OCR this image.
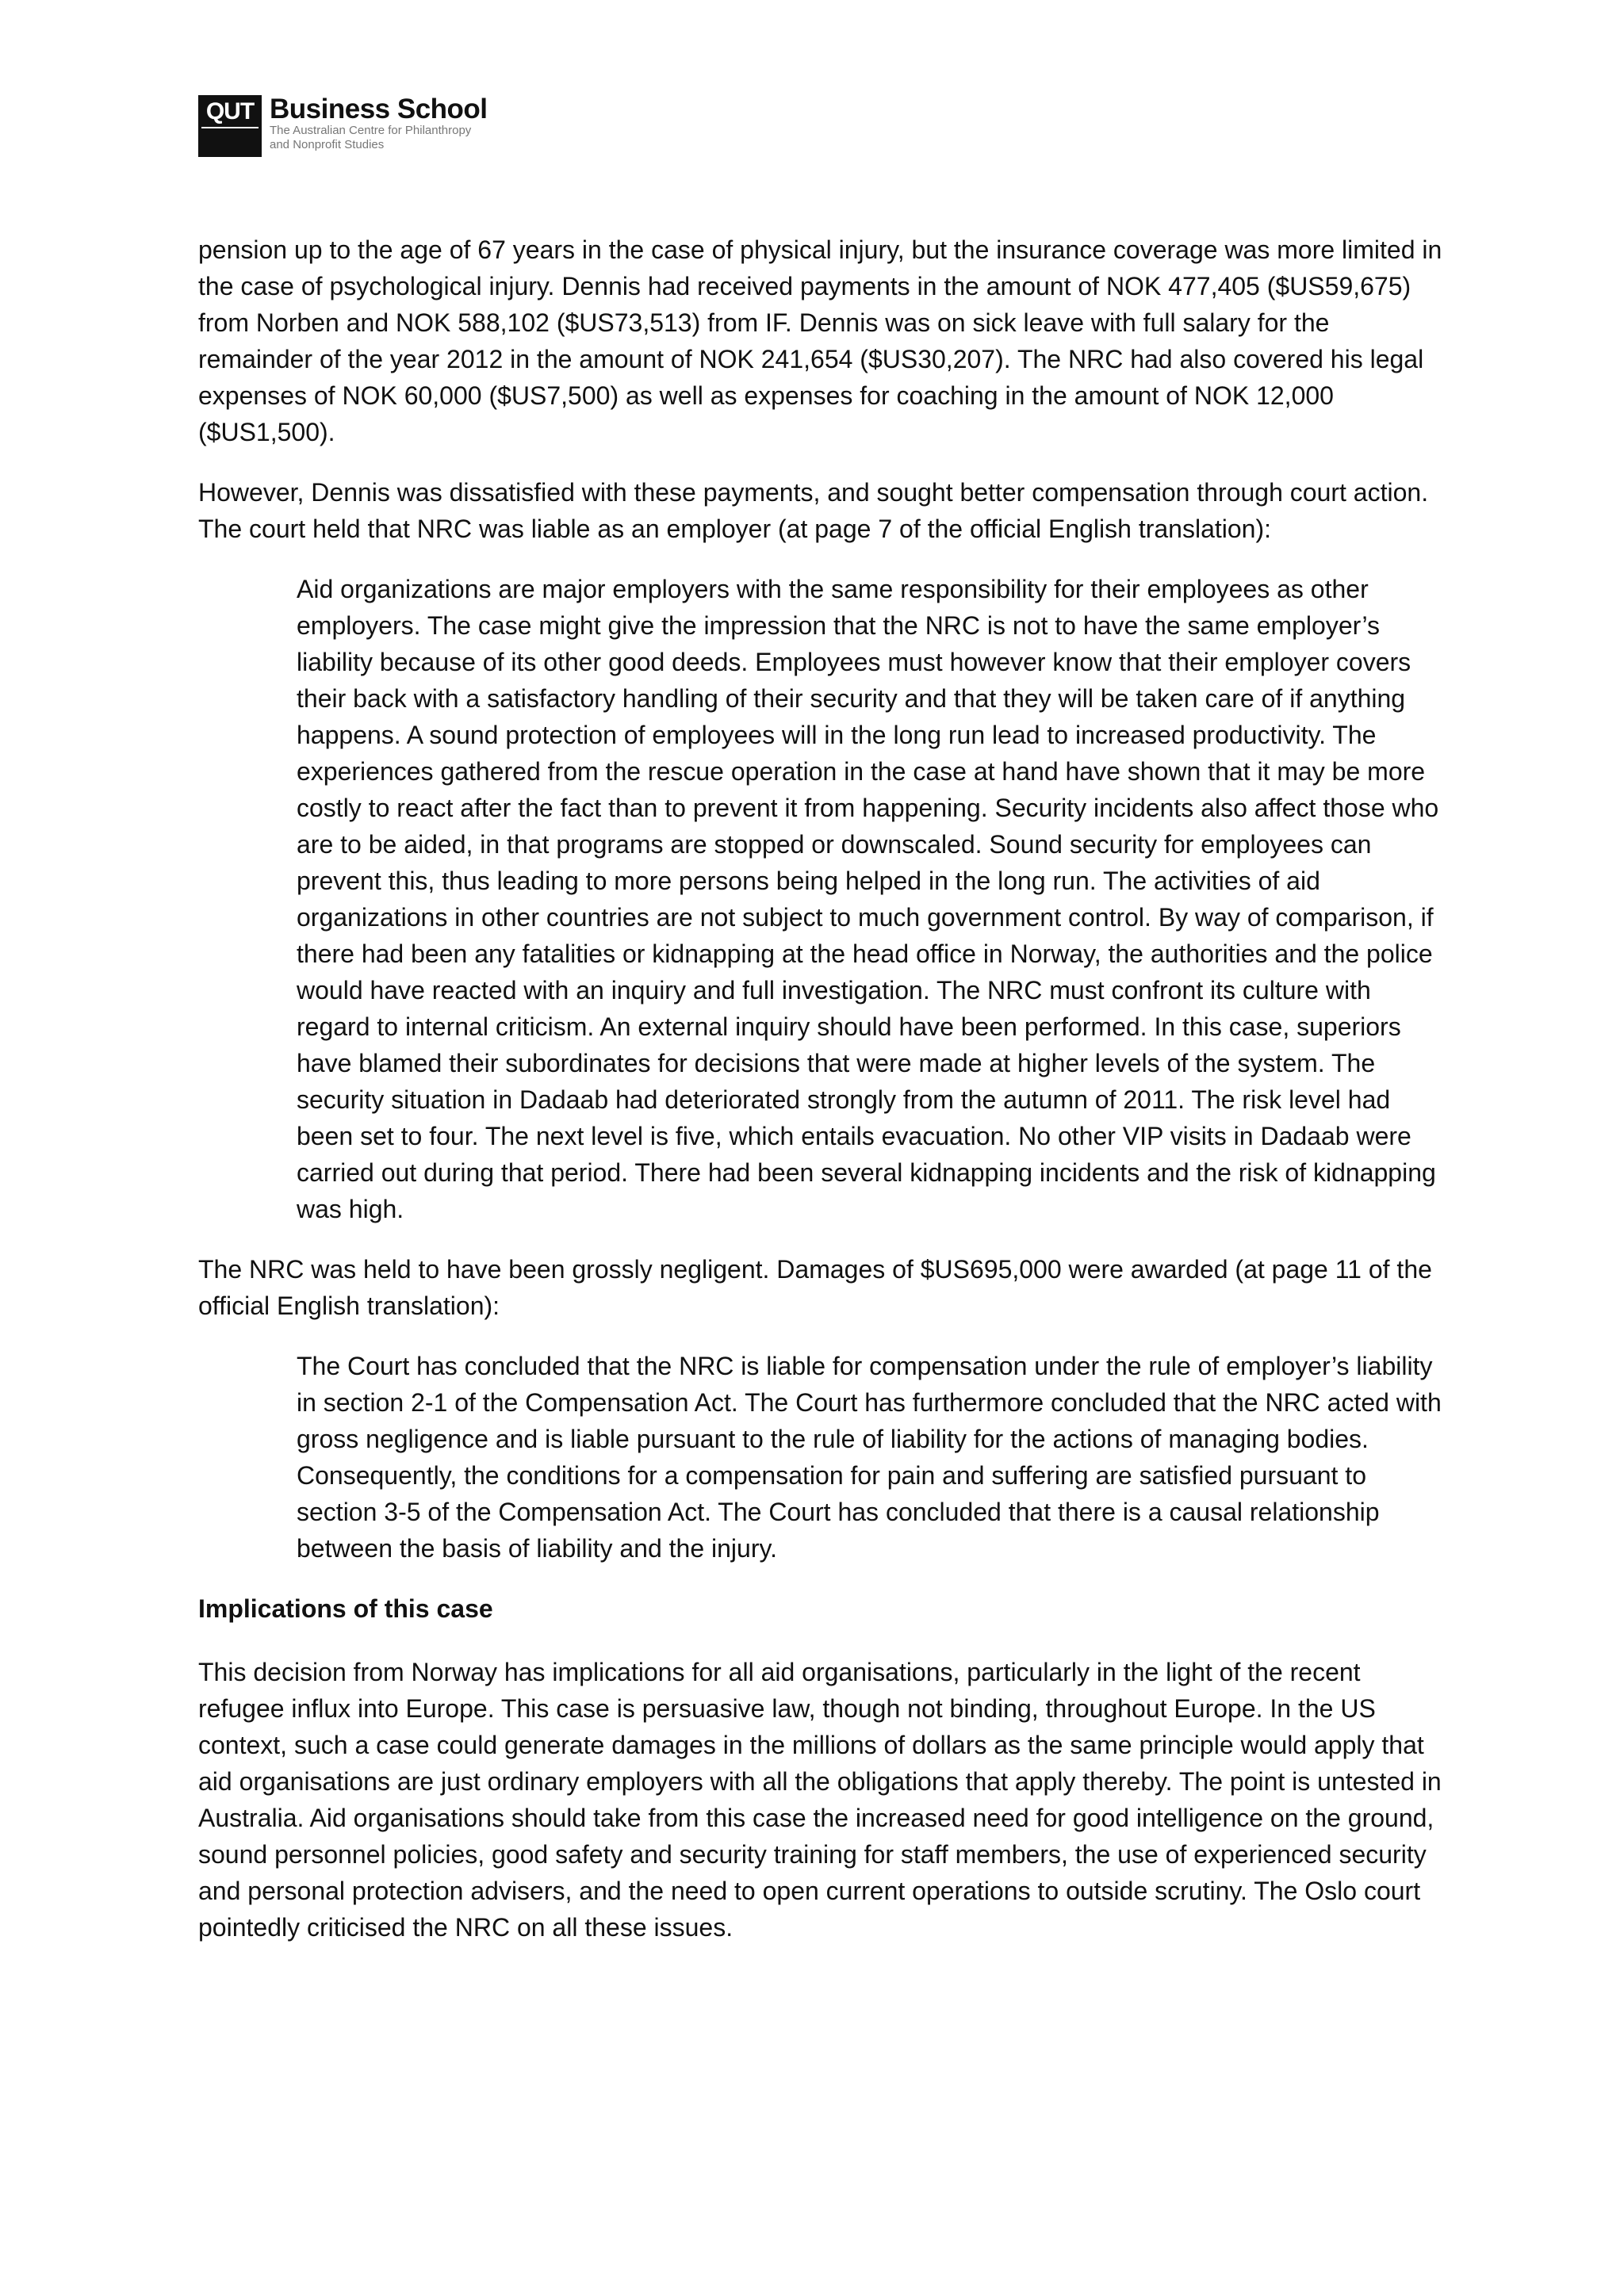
QUT Business School
The Australian Centre for Philanthropy
and Nonprofit Studies

pension up to the age of 67 years in the case of physical injury, but the insurance coverage was more limited in the case of psychological injury. Dennis had received payments in the amount of NOK 477,405 ($US59,675) from Norben and NOK 588,102 ($US73,513) from IF. Dennis was on sick leave with full salary for the remainder of the year 2012 in the amount of NOK 241,654 ($US30,207). The NRC had also covered his legal expenses of NOK 60,000 ($US7,500) as well as expenses for coaching in the amount of NOK 12,000 ($US1,500).

However, Dennis was dissatisfied with these payments, and sought better compensation through court action. The court held that NRC was liable as an employer (at page 7 of the official English translation):

Aid organizations are major employers with the same responsibility for their employees as other employers. The case might give the impression that the NRC is not to have the same employer’s liability because of its other good deeds. Employees must however know that their employer covers their back with a satisfactory handling of their security and that they will be taken care of if anything happens. A sound protection of employees will in the long run lead to increased productivity. The experiences gathered from the rescue operation in the case at hand have shown that it may be more costly to react after the fact than to prevent it from happening. Security incidents also affect those who are to be aided, in that programs are stopped or downscaled. Sound security for employees can prevent this, thus leading to more persons being helped in the long run. The activities of aid organizations in other countries are not subject to much government control. By way of comparison, if there had been any fatalities or kidnapping at the head office in Norway, the authorities and the police would have reacted with an inquiry and full investigation. The NRC must confront its culture with regard to internal criticism. An external inquiry should have been performed. In this case, superiors have blamed their subordinates for decisions that were made at higher levels of the system. The security situation in Dadaab had deteriorated strongly from the autumn of 2011. The risk level had been set to four. The next level is five, which entails evacuation. No other VIP visits in Dadaab were carried out during that period. There had been several kidnapping incidents and the risk of kidnapping was high.

The NRC was held to have been grossly negligent. Damages of $US695,000 were awarded (at page 11 of the official English translation):

The Court has concluded that the NRC is liable for compensation under the rule of employer’s liability in section 2-1 of the Compensation Act. The Court has furthermore concluded that the NRC acted with gross negligence and is liable pursuant to the rule of liability for the actions of managing bodies. Consequently, the conditions for a compensation for pain and suffering are satisfied pursuant to section 3-5 of the Compensation Act. The Court has concluded that there is a causal relationship between the basis of liability and the injury.

Implications of this case

This decision from Norway has implications for all aid organisations, particularly in the light of the recent refugee influx into Europe. This case is persuasive law, though not binding, throughout Europe. In the US context, such a case could generate damages in the millions of dollars as the same principle would apply that aid organisations are just ordinary employers with all the obligations that apply thereby. The point is untested in Australia. Aid organisations should take from this case the increased need for good intelligence on the ground, sound personnel policies, good safety and security training for staff members, the use of experienced security and personal protection advisers, and the need to open current operations to outside scrutiny. The Oslo court pointedly criticised the NRC on all these issues.
